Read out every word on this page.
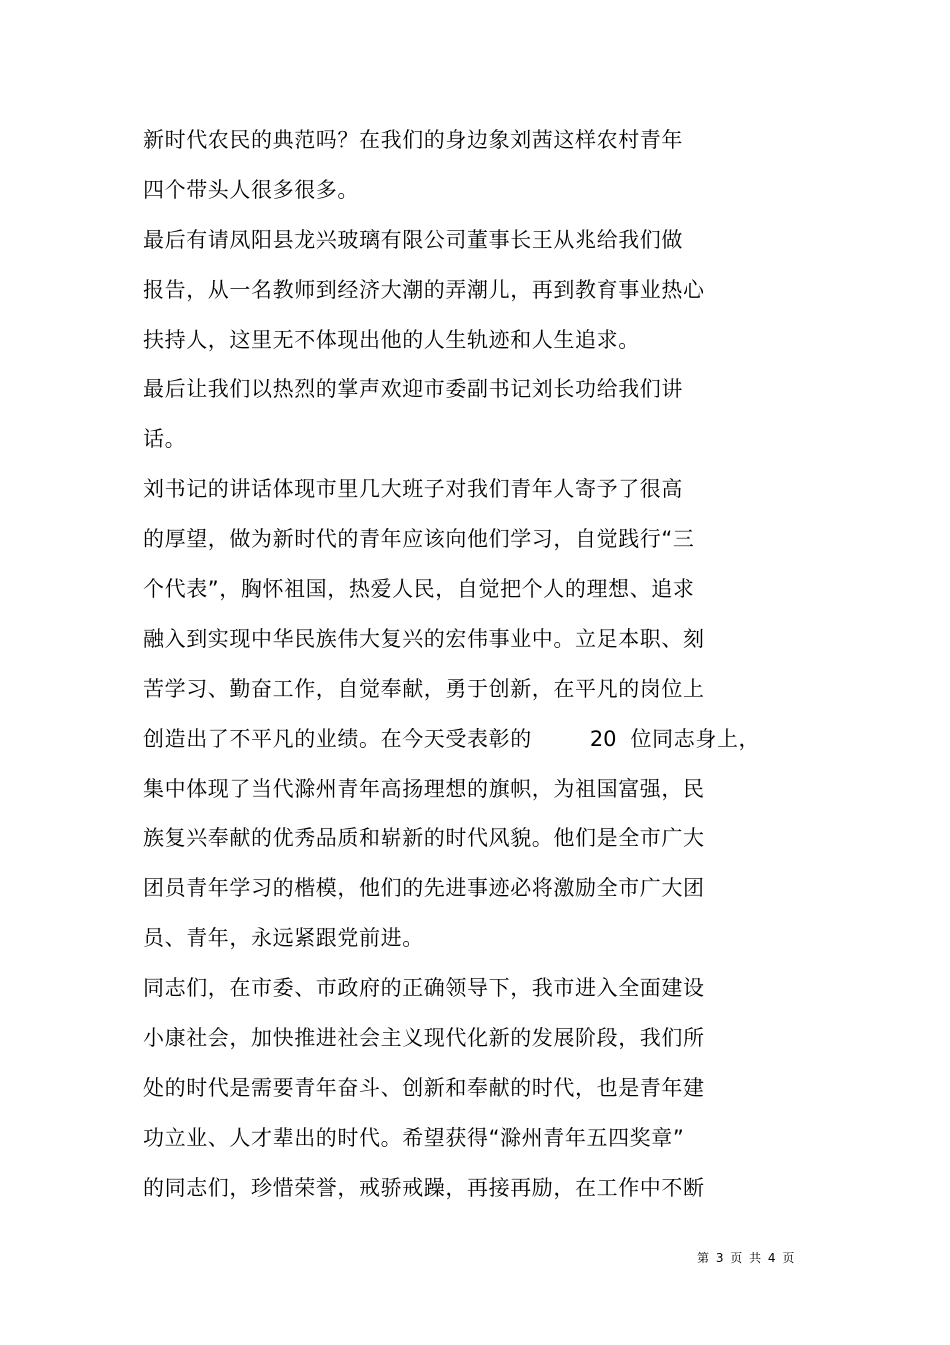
新时代农民的典范吗？在我们的身边象刘茜这样农村青年
四个带头人很多很多。
最后有请凤阳县龙兴玻璃有限公司董事长王从兆给我们做
报告，从一名教师到经济大潮的弄潮儿，再到教育事业热心
扶持人，这里无不体现出他的人生轨迹和人生追求。
最后让我们以热烈的掌声欢迎市委副书记刘长功给我们讲
话。
刘书记的讲话体现市里几大班子对我们青年人寄予了很高
的厚望，做为新时代的青年应该向他们学习，自觉践行“三
个代表”，胸怀祖国，热爱人民，自觉把个人的理想、追求
融入到实现中华民族伟大复兴的宏伟事业中。立足本职、刻
苦学习、勤奋工作，自觉奉献，勇于创新，在平凡的岗位上
创造出了不平凡的业绩。在今天受表彰的	20 位同志身上，
集中体现了当代滁州青年高扬理想的旗帜，为祖国富强，民
族复兴奉献的优秀品质和崭新的时代风貌。他们是全市广大
团员青年学习的楷模，他们的先进事迹必将激励全市广大团
员、青年，永远紧跟党前进。
同志们，在市委、市政府的正确领导下，我市进入全面建设
小康社会，加快推进社会主义现代化新的发展阶段，我们所
处的时代是需要青年奋斗、创新和奉献的时代，也是青年建
功立业、人才辈出的时代。希望获得“滁州青年五四奖章”
的同志们，珍惜荣誉，戒骄戒躁，再接再励，在工作中不断
第 3 页 共 4 页
